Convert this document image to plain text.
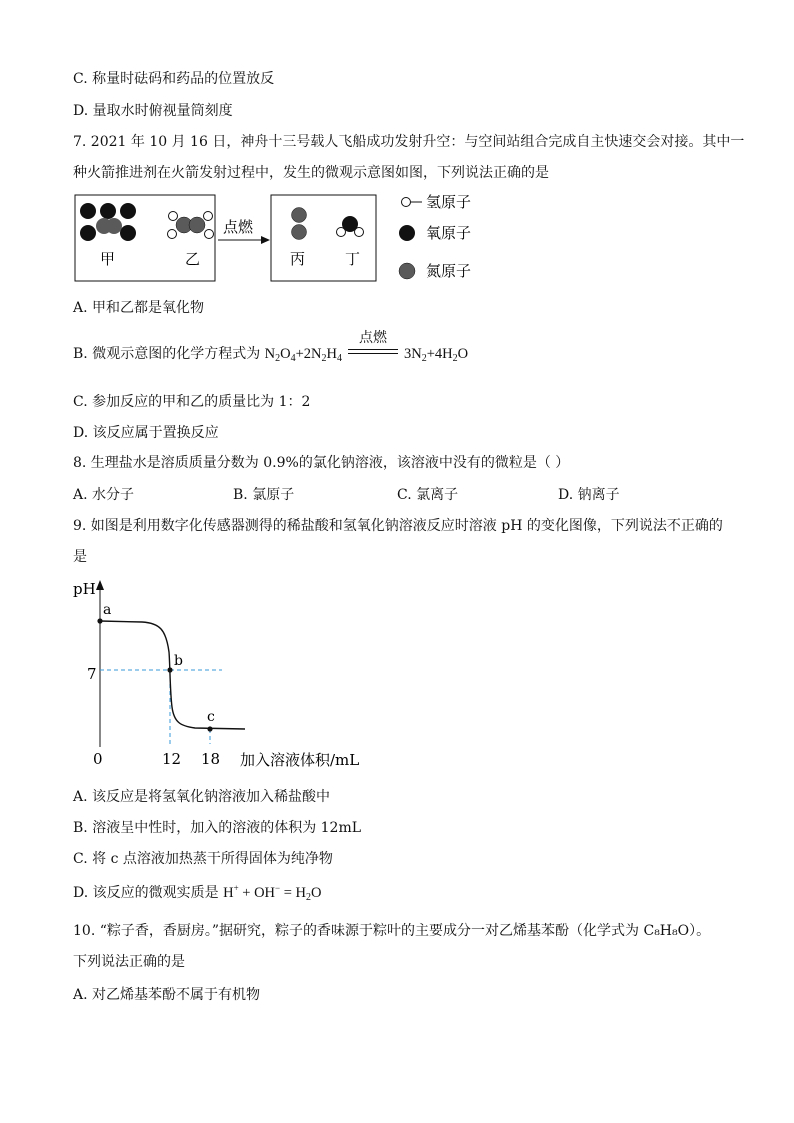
C. 称量时砝码和药品的位置放反
D. 量取水时俯视量筒刻度
7. 2021 年 10 月 16 日，神舟十三号载人飞船成功发射升空：与空间站组合完成自主快速交会对接。其中一
种火箭推进剂在火箭发射过程中，发生的微观示意图如图，下列说法正确的是
甲	乙
点燃
丙	丁
氢原子
氧原子
氮原子
A. 甲和乙都是氧化物
B. 微观示意图的化学方程式为 $N_2O_4+2N_2H_4$
点燃
$3N_2+4H_2O$
C. 参加反应的甲和乙的质量比为 1：2
D. 该反应属于置换反应
8. 生理盐水是溶质质量分数为 0.9%的氯化钠溶液，该溶液中没有的微粒是（ ）
A. 水分子	B. 氯原子	C. 氯离子	D. 钠离子
9. 如图是利用数字化传感器测得的稀盐酸和氢氧化钠溶液反应时溶液 pH 的变化图像，下列说法不正确的
是
pH
加入溶液体积/mL
0	12 18
7
a
b
c
A. 该反应是将氢氧化钠溶液加入稀盐酸中
B. 溶液呈中性时，加入的溶液的体积为 12mL
C. 将 c 点溶液加热蒸干所得固体为纯净物
D. 该反应的微观实质是 $H^+ + OH^- = H_2O$
10. “粽子香，香厨房。”据研究，粽子的香味源于粽叶的主要成分一对乙烯基苯酚（化学式为 C₈H₈O）。
下列说法正确的是
A. 对乙烯基苯酚不属于有机物
